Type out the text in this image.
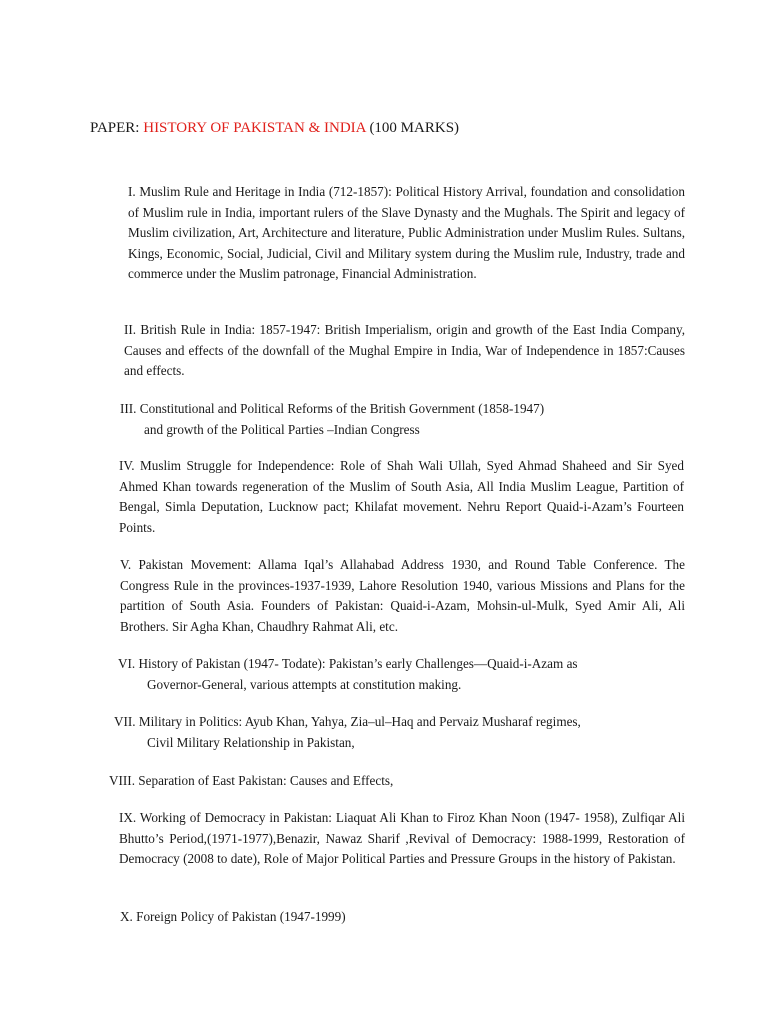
PAPER: HISTORY OF PAKISTAN & INDIA (100 MARKS)

I. Muslim Rule and Heritage in India (712-1857): Political History Arrival, foundation and consolidation of Muslim rule in India, important rulers of the Slave Dynasty and the Mughals. The Spirit and legacy of Muslim civilization, Art, Architecture and literature, Public Administration under Muslim Rules. Sultans, Kings, Economic, Social, Judicial, Civil and Military system during the Muslim rule, Industry, trade and commerce under the Muslim patronage, Financial Administration.

II. British Rule in India: 1857-1947: British Imperialism, origin and growth of the East India Company, Causes and effects of the downfall of the Mughal Empire in India, War of Independence in 1857:Causes and effects.

III. Constitutional and Political Reforms of the British Government (1858-1947)
and growth of the Political Parties –Indian Congress

IV. Muslim Struggle for Independence: Role of Shah Wali Ullah, Syed Ahmad Shaheed and Sir Syed Ahmed Khan towards regeneration of the Muslim of South Asia, All India Muslim League, Partition of Bengal, Simla Deputation, Lucknow pact; Khilafat movement. Nehru Report Quaid-i-Azam’s Fourteen Points.

V. Pakistan Movement: Allama Iqal’s Allahabad Address 1930, and Round Table Conference. The Congress Rule in the provinces-1937-1939, Lahore Resolution 1940, various Missions and Plans for the partition of South Asia. Founders of Pakistan: Quaid-i-Azam, Mohsin-ul-Mulk, Syed Amir Ali, Ali Brothers. Sir Agha Khan, Chaudhry Rahmat Ali, etc.

VI. History of Pakistan (1947- Todate): Pakistan’s early Challenges—Quaid-i-Azam as
Governor-General, various attempts at constitution making.
VII. Military in Politics: Ayub Khan, Yahya, Zia–ul–Haq and Pervaiz Musharaf regimes,
Civil Military Relationship in Pakistan,

VIII. Separation of East Pakistan: Causes and Effects,

IX. Working of Democracy in Pakistan: Liaquat Ali Khan to Firoz Khan Noon (1947- 1958), Zulfiqar Ali Bhutto’s Period,(1971-1977),Benazir, Nawaz Sharif ,Revival of Democracy: 1988-1999, Restoration of Democracy (2008 to date), Role of Major Political Parties and Pressure Groups in the history of Pakistan.

X. Foreign Policy of Pakistan (1947-1999)
